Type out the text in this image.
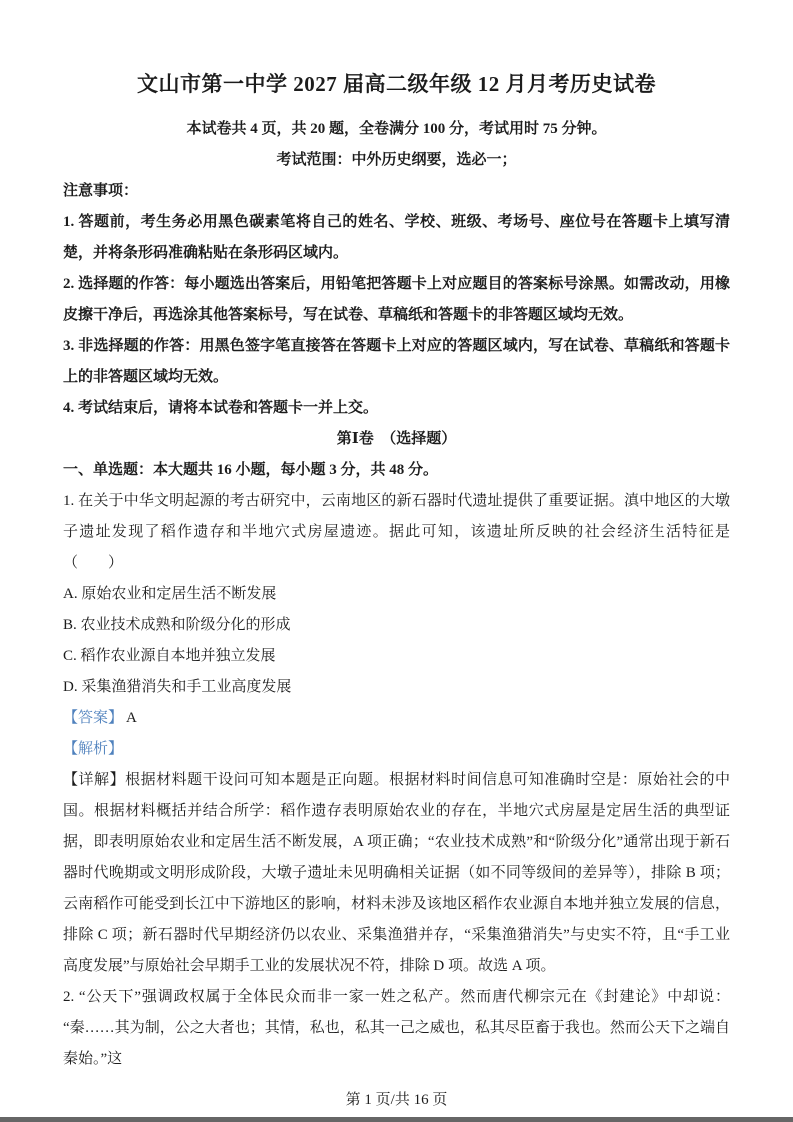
文山市第一中学 2027 届高二级年级 12 月月考历史试卷

本试卷共 4 页，共 20 题，全卷满分 100 分，考试用时 75 分钟。

考试范围：中外历史纲要，选必一；

注意事项：

1. 答题前，考生务必用黑色碳素笔将自己的姓名、学校、班级、考场号、座位号在答题卡上填写清楚，并将条形码准确粘贴在条形码区域内。

2. 选择题的作答：每小题选出答案后，用铅笔把答题卡上对应题目的答案标号涂黑。如需改动，用橡皮擦干净后，再选涂其他答案标号，写在试卷、草稿纸和答题卡的非答题区域均无效。

3. 非选择题的作答：用黑色签字笔直接答在答题卡上对应的答题区域内，写在试卷、草稿纸和答题卡上的非答题区域均无效。

4. 考试结束后，请将本试卷和答题卡一并上交。

第Ⅰ卷　（选择题）

一、单选题：本大题共 16 小题，每小题 3 分，共 48 分。

1. 在关于中华文明起源的考古研究中，云南地区的新石器时代遗址提供了重要证据。滇中地区的大墩子遗址发现了稻作遗存和半地穴式房屋遗迹。据此可知，该遗址所反映的社会经济生活特征是（　　）

A. 原始农业和定居生活不断发展

B. 农业技术成熟和阶级分化的形成

C. 稻作农业源自本地并独立发展

D. 采集渔猎消失和手工业高度发展

【答案】 A

【解析】

【详解】根据材料题干设问可知本题是正向题。根据材料时间信息可知准确时空是：原始社会的中国。根据材料概括并结合所学：稻作遗存表明原始农业的存在，半地穴式房屋是定居生活的典型证据，即表明原始农业和定居生活不断发展，A 项正确；“农业技术成熟”和“阶级分化”通常出现于新石器时代晚期或文明形成阶段，大墩子遗址未见明确相关证据（如不同等级间的差异等），排除 B 项；云南稻作可能受到长江中下游地区的影响，材料未涉及该地区稻作农业源自本地并独立发展的信息，排除 C 项；新石器时代早期经济仍以农业、采集渔猎并存，“采集渔猎消失”与史实不符，且“手工业高度发展”与原始社会早期手工业的发展状况不符，排除 D 项。故选 A 项。

2. “公天下”强调政权属于全体民众而非一家一姓之私产。然而唐代柳宗元在《封建论》中却说：“秦……其为制，公之大者也；其情，私也，私其一己之威也，私其尽臣畜于我也。然而公天下之端自秦始。”这

第 1 页/共 16 页
